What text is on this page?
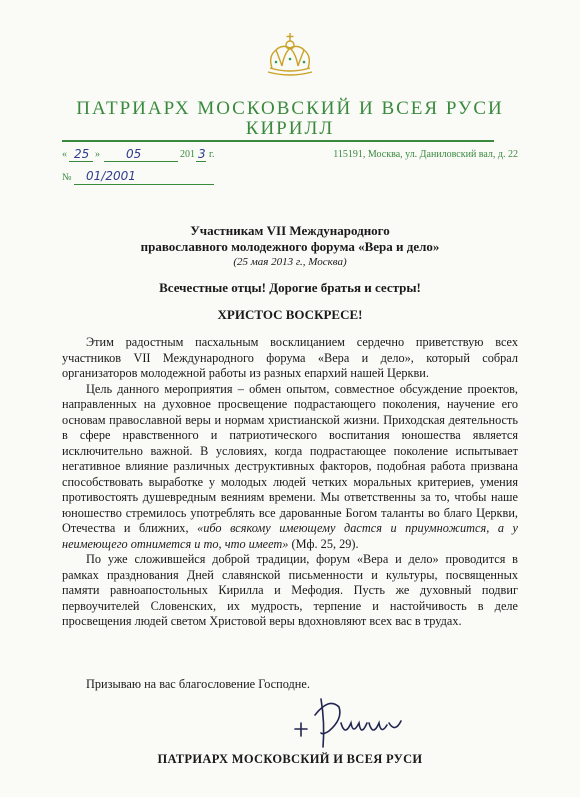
ПАТРИАРХ МОСКОВСКИЙ И ВСЕЯ РУСИ
КИРИЛЛ
« 25 » 05	201 3 г.	115191, Москва, ул. Даниловский вал, д. 22
№ 01/2001
Участникам VII Международного
православного молодежного форума «Вера и дело»
(25 мая 2013 г., Москва)
Всечестные отцы! Дорогие братья и сестры!
ХРИСТОС ВОСКРЕСЕ!

Этим радостным пасхальным восклицанием сердечно приветствую всех участников VII Международного форума «Вера и дело», который собрал организаторов молодежной работы из разных епархий нашей Церкви.

Цель данного мероприятия – обмен опытом, совместное обсуждение проектов, направленных на духовное просвещение подрастающего поколения, научение его основам православной веры и нормам христианской жизни. Приходская деятельность в сфере нравственного и патриотического воспитания юношества является исключительно важной. В условиях, когда подрастающее поколение испытывает негативное влияние различных деструктивных факторов, подобная работа призвана способствовать выработке у молодых людей четких моральных критериев, умения противостоять душевредным веяниям времени. Мы ответственны за то, чтобы наше юношество стремилось употреблять все дарованные Богом таланты во благо Церкви, Отечества и ближних, «ибо всякому имеющему дастся и приумножится, а у неимеющего отнимется и то, что имеет» (Мф. 25, 29).

По уже сложившейся доброй традиции, форум «Вера и дело» проводится в рамках празднования Дней славянской письменности и культуры, посвященных памяти равноапостольных Кирилла и Мефодия. Пусть же духовный подвиг первоучителей Словенских, их мудрость, терпение и настойчивость в деле просвещения людей светом Христовой веры вдохновляют всех вас в трудах.

Призываю на вас благословение Господне.
ПАТРИАРХ МОСКОВСКИЙ И ВСЕЯ РУСИ
